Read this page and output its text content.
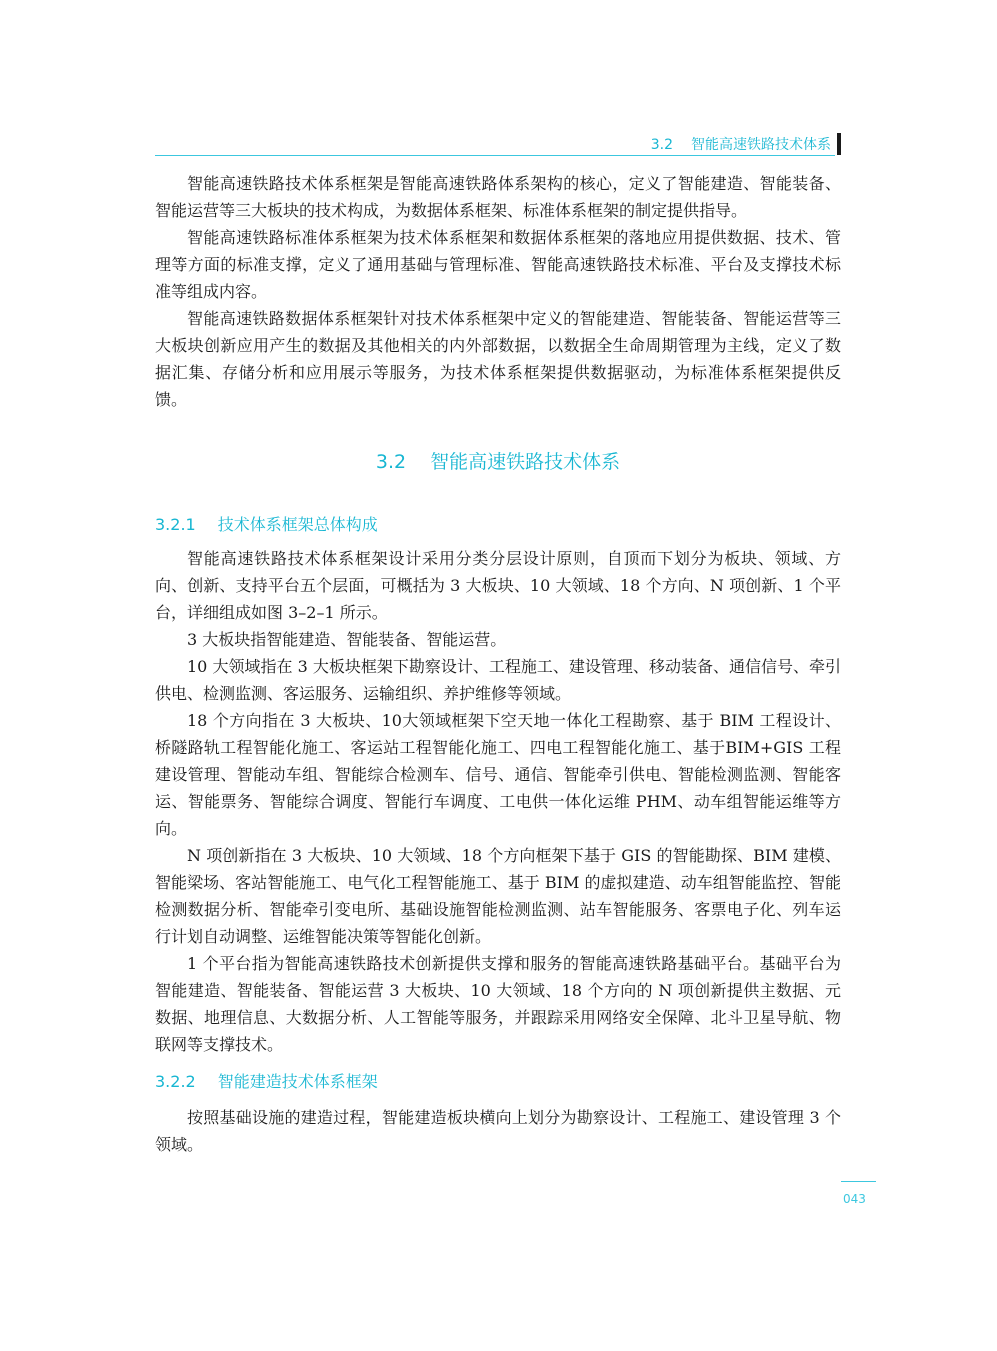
3.2 智能高速铁路技术体系

智能高速铁路技术体系框架是智能高速铁路体系架构的核心，定义了智能建造、智能装备、智能运营等三大板块的技术构成，为数据体系框架、标准体系框架的制定提供指导。

智能高速铁路标准体系框架为技术体系框架和数据体系框架的落地应用提供数据、技术、管理等方面的标准支撑，定义了通用基础与管理标准、智能高速铁路技术标准、平台及支撑技术标准等组成内容。

智能高速铁路数据体系框架针对技术体系框架中定义的智能建造、智能装备、智能运营等三大板块创新应用产生的数据及其他相关的内外部数据，以数据全生命周期管理为主线，定义了数据汇集、存储分析和应用展示等服务，为技术体系框架提供数据驱动，为标准体系框架提供反馈。

3.2 智能高速铁路技术体系
3.2.1 技术体系框架总体构成

智能高速铁路技术体系框架设计采用分类分层设计原则，自顶而下划分为板块、领域、方向、创新、支持平台五个层面，可概括为 3 大板块、10 大领域、18 个方向、N 项创新、1 个平台，详细组成如图 3–2–1 所示。

3 大板块指智能建造、智能装备、智能运营。

10 大领域指在 3 大板块框架下勘察设计、工程施工、建设管理、移动装备、通信信号、牵引供电、检测监测、客运服务、运输组织、养护维修等领域。

18 个方向指在 3 大板块、10大领域框架下空天地一体化工程勘察、基于 BIM 工程设计、桥隧路轨工程智能化施工、客运站工程智能化施工、四电工程智能化施工、基于BIM+GIS 工程建设管理、智能动车组、智能综合检测车、信号、通信、智能牵引供电、智能检测监测、智能客运、智能票务、智能综合调度、智能行车调度、工电供一体化运维 PHM、动车组智能运维等方向。

N 项创新指在 3 大板块、10 大领域、18 个方向框架下基于 GIS 的智能勘探、BIM 建模、智能梁场、客站智能施工、电气化工程智能施工、基于 BIM 的虚拟建造、动车组智能监控、智能检测数据分析、智能牵引变电所、基础设施智能检测监测、站车智能服务、客票电子化、列车运行计划自动调整、运维智能决策等智能化创新。

1 个平台指为智能高速铁路技术创新提供支撑和服务的智能高速铁路基础平台。基础平台为智能建造、智能装备、智能运营 3 大板块、10 大领域、18 个方向的 N 项创新提供主数据、元数据、地理信息、大数据分析、人工智能等服务，并跟踪采用网络安全保障、北斗卫星导航、物联网等支撑技术。

3.2.2 智能建造技术体系框架

按照基础设施的建造过程，智能建造板块横向上划分为勘察设计、工程施工、建设管理 3 个领域。

043
